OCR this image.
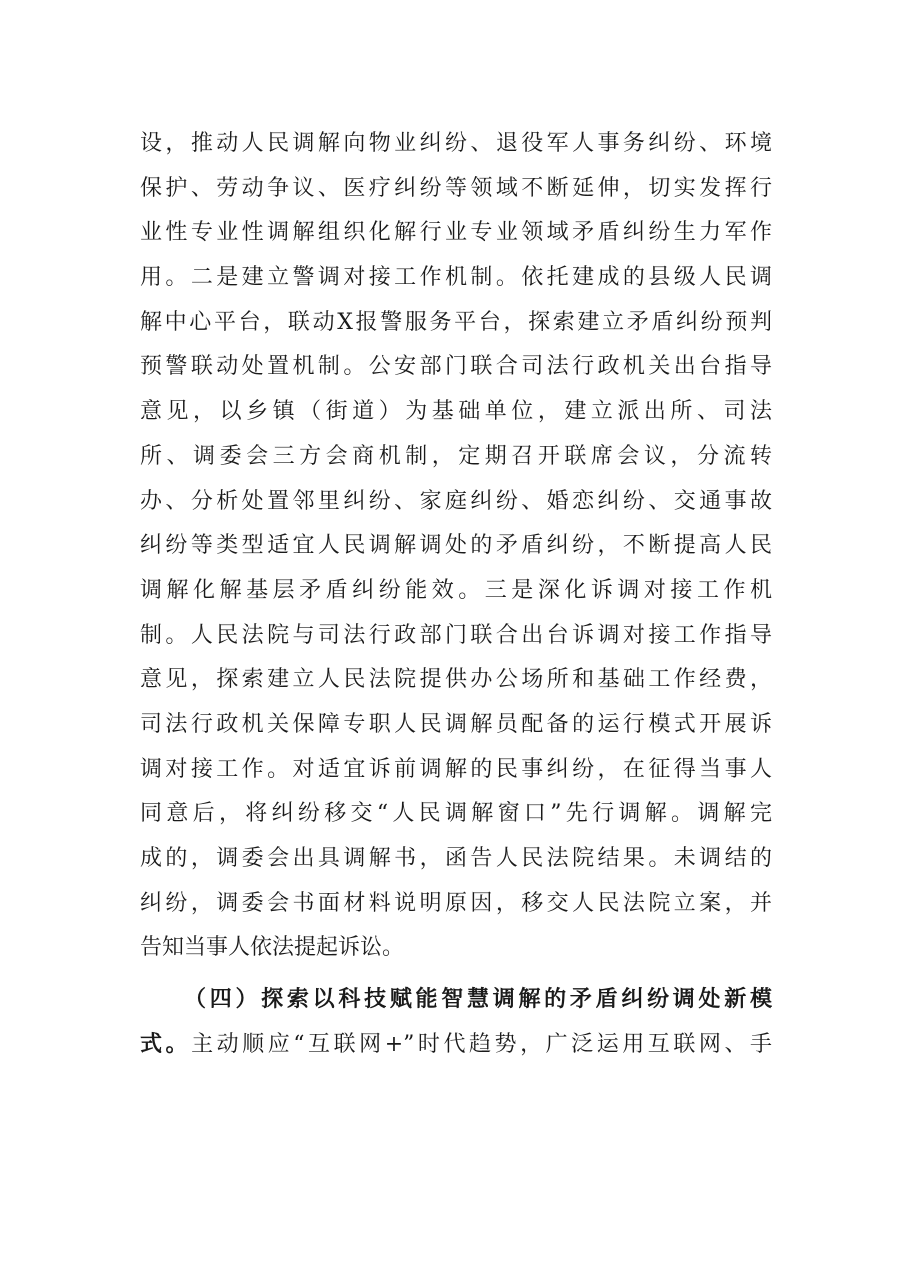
设，推动人民调解向物业纠纷、退役军人事务纠纷、环境
保护、劳动争议、医疗纠纷等领域不断延伸，切实发挥行
业性专业性调解组织化解行业专业领域矛盾纠纷生力军作
用。二是建立警调对接工作机制。依托建成的县级人民调
解中心平台，联动X报警服务平台，探索建立矛盾纠纷预判
预警联动处置机制。公安部门联合司法行政机关出台指导
意见，以乡镇（街道）为基础单位，建立派出所、司法
所、调委会三方会商机制，定期召开联席会议，分流转
办、分析处置邻里纠纷、家庭纠纷、婚恋纠纷、交通事故
纠纷等类型适宜人民调解调处的矛盾纠纷，不断提高人民
调解化解基层矛盾纠纷能效。三是深化诉调对接工作机
制。人民法院与司法行政部门联合出台诉调对接工作指导
意见，探索建立人民法院提供办公场所和基础工作经费，
司法行政机关保障专职人民调解员配备的运行模式开展诉
调对接工作。对适宜诉前调解的民事纠纷，在征得当事人
同意后，将纠纷移交“人民调解窗口”先行调解。调解完
成的，调委会出具调解书，函告人民法院结果。未调结的
纠纷，调委会书面材料说明原因，移交人民法院立案，并
告知当事人依法提起诉讼。
（四）探索以科技赋能智慧调解的矛盾纠纷调处新模
式。主动顺应“互联网+”时代趋势，广泛运用互联网、手
